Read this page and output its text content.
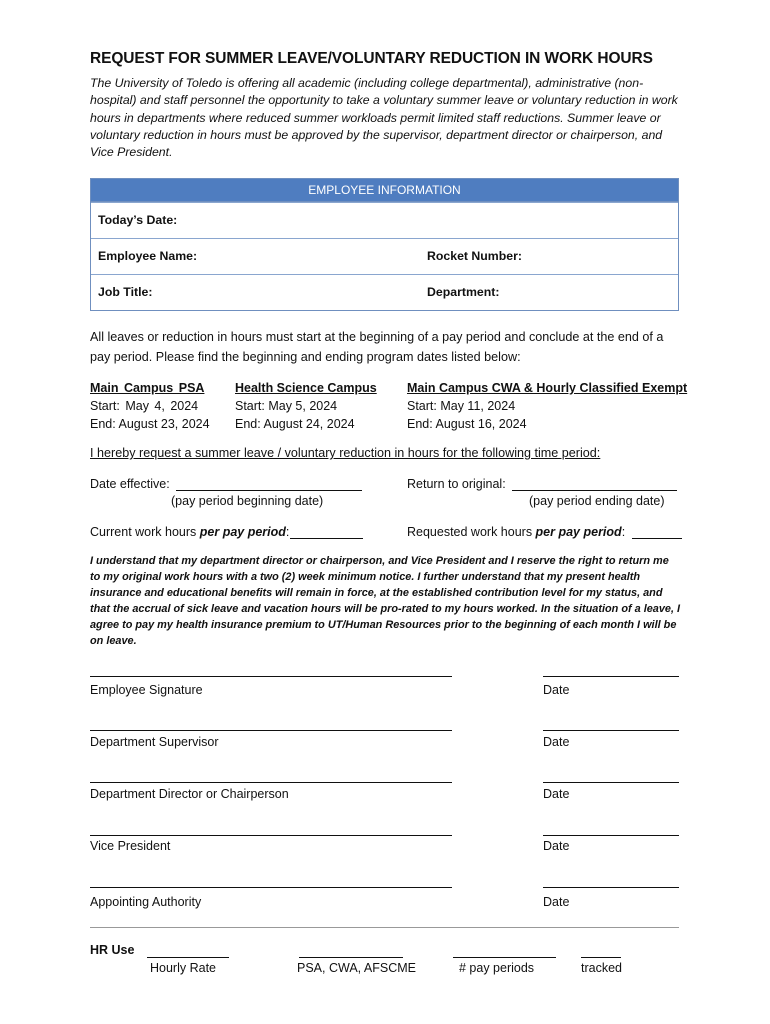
REQUEST FOR SUMMER LEAVE/VOLUNTARY REDUCTION IN WORK HOURS
The University of Toledo is offering all academic (including college departmental), administrative (non-hospital) and staff personnel the opportunity to take a voluntary summer leave or voluntary reduction in work hours in departments where reduced summer workloads permit limited staff reductions. Summer leave or voluntary reduction in hours must be approved by the supervisor, department director or chairperson, and Vice President.
EMPLOYEE INFORMATION
Today’s Date:
Employee Name:	Rocket Number:
Job Title:	Department:
All leaves or reduction in hours must start at the beginning of a pay period and conclude at the end of a pay period. Please find the beginning and ending program dates listed below:
Main Campus PSA
Start: May 4, 2024
End: August 23, 2024
Health Science Campus
Start: May 5, 2024
End: August 24, 2024
Main Campus CWA & Hourly Classified Exempt
Start: May 11, 2024
End: August 16, 2024
I hereby request a summer leave / voluntary reduction in hours for the following time period:
Date effective:
(pay period beginning date)
Return to original:
(pay period ending date)
Current work hours per pay period:	Requested work hours per pay period:
I understand that my department director or chairperson, and Vice President and I reserve the right to return me to my original work hours with a two (2) week minimum notice. I further understand that my present health insurance and educational benefits will remain in force, at the established contribution level for my status, and that the accrual of sick leave and vacation hours will be pro-rated to my hours worked. In the situation of a leave, I agree to pay my health insurance premium to UT/Human Resources prior to the beginning of each month I will be on leave.
Employee Signature	Date
Department Supervisor	Date
Department Director or Chairperson	Date
Vice President	Date
Appointing Authority	Date
HR Use
Hourly Rate	PSA, CWA, AFSCME	# pay periods	tracked
